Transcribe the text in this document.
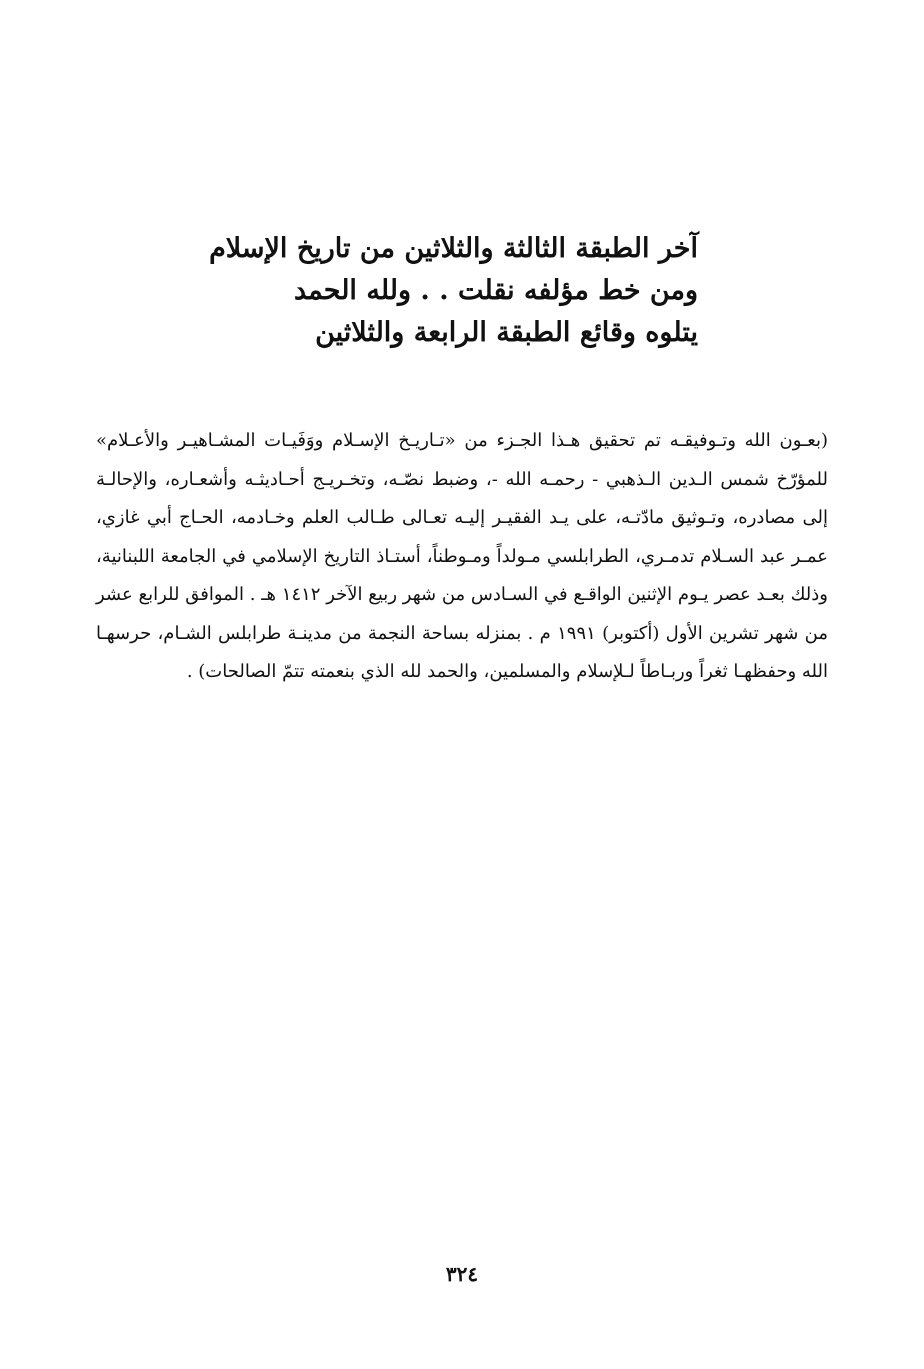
آخر الطبقة الثالثة والثلاثين من تاريخ الإسلام
ومن خط مؤلفه نقلت . . ولله الحمد
يتلوه وقائع الطبقة الرابعة والثلاثين

(بعـون الله وتـوفيقـه تم تحقيق هـذا الجـزء من «تـاريـخ الإسـلام ووَفَيـات المشـاهيـر والأعـلام» للمؤرّخ شمس الـدين الـذهبي - رحمـه الله -، وضبط نصّـه، وتخـريـج أحـاديثـه وأشعـاره، والإحالـة إلى مصادره، وتـوثيق مادّتـه، على يـد الفقيـر إليـه تعـالى طـالب العلم وخـادمه، الحـاج أبي غازي، عمـر عبد السـلام تدمـري، الطرابلسي مـولداً ومـوطناً، أستـاذ التاريخ الإسلامي في الجامعة اللبنانية، وذلك بعـد عصر يـوم الإثنين الواقـع في السـادس من شهر ربيع الآخر ١٤١٢ هـ . الموافق للرابع عشر من شهر تشرين الأول (أكتوبر) ١٩٩١ م . بمنزله بساحة النجمة من مدينـة طرابلس الشـام، حرسهـا الله وحفظهـا ثغراً وربـاطاً لـلإسلام والمسلمين، والحمد لله الذي بنعمته تتمّ الصالحات) .

٣٢٤
